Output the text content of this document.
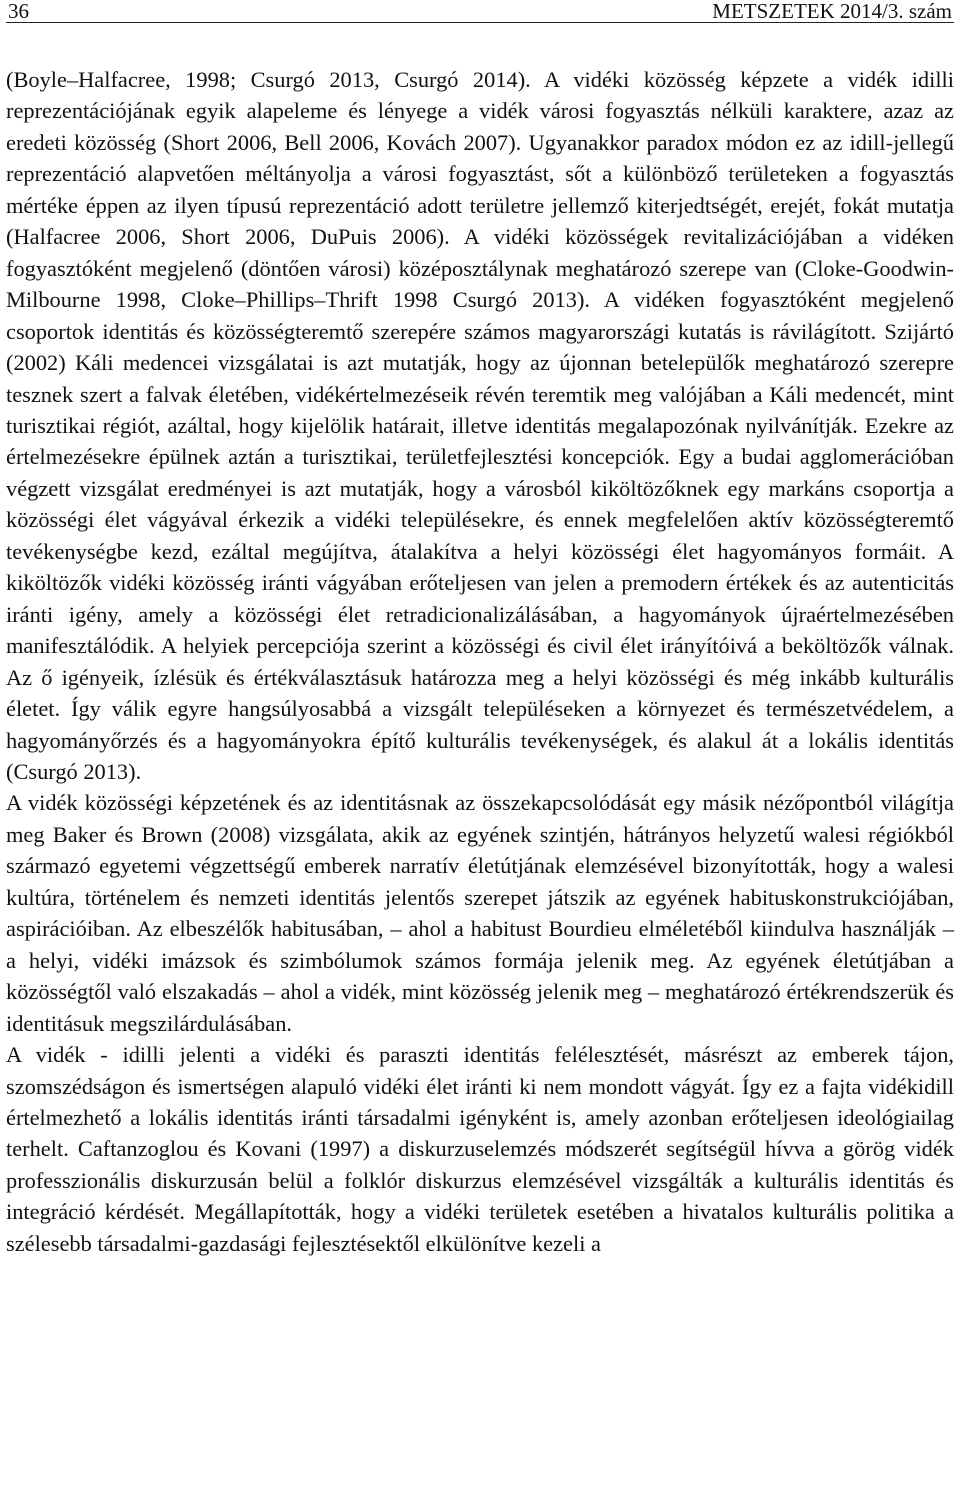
36	METSZETEK 2014/3. szám

(Boyle–Halfacree, 1998; Csurgó 2013, Csurgó 2014). A vidéki közösség képzete a vidék idilli reprezentációjának egyik alapeleme és lényege a vidék városi fogyasztás nélküli karaktere, azaz az eredeti közösség (Short 2006, Bell 2006, Kovách 2007). Ugyanakkor paradox módon ez az idill-jellegű reprezentáció alapvetően méltányolja a városi fogyasztást, sőt a különböző területeken a fogyasztás mértéke éppen az ilyen típusú reprezentáció adott területre jellemző kiterjedtségét, erejét, fokát mutatja (Halfacree 2006, Short 2006, DuPuis 2006). A vidéki közösségek revitalizációjában a vidéken fogyasztóként megjelenő (döntően városi) középosztálynak meghatározó szerepe van (Cloke-Goodwin-Milbourne 1998, Cloke–Phillips–Thrift 1998 Csurgó 2013). A vidéken fogyasztóként megjelenő csoportok identitás és közösségteremtő szerepére számos magyarországi kutatás is rávilágított. Szijártó (2002) Káli medencei vizsgálatai is azt mutatják, hogy az újonnan betelepülők meghatározó szerepre tesznek szert a falvak életében, vidékértelmezéseik révén teremtik meg valójában a Káli medencét, mint turisztikai régiót, azáltal, hogy kijelölik határait, illetve identitás megalapozónak nyilvánítják. Ezekre az értelmezésekre épülnek aztán a turisztikai, területfejlesztési koncepciók. Egy a budai agglomerációban végzett vizsgálat eredményei is azt mutatják, hogy a városból kiköltözőknek egy markáns csoportja a közösségi élet vágyával érkezik a vidéki településekre, és ennek megfelelően aktív közösségteremtő tevékenységbe kezd, ezáltal megújítva, átalakítva a helyi közösségi élet hagyományos formáit. A kiköltözők vidéki közösség iránti vágyában erőteljesen van jelen a premodern értékek és az autenticitás iránti igény, amely a közösségi élet retradicionalizálásában, a hagyományok újraértelmezésében manifesztálódik. A helyiek percepciója szerint a közösségi és civil élet irányítóivá a beköltözők válnak. Az ő igényeik, ízlésük és értékválasztásuk határozza meg a helyi közösségi és még inkább kulturális életet. Így válik egyre hangsúlyosabbá a vizsgált településeken a környezet és természetvédelem, a hagyományőrzés és a hagyományokra építő kulturális tevékenységek, és alakul át a lokális identitás (Csurgó 2013).

A vidék közösségi képzetének és az identitásnak az összekapcsolódását egy másik nézőpontból világítja meg Baker és Brown (2008) vizsgálata, akik az egyének szintjén, hátrányos helyzetű walesi régiókból származó egyetemi végzettségű emberek narratív életútjának elemzésével bizonyították, hogy a walesi kultúra, történelem és nemzeti identitás jelentős szerepet játszik az egyének habituskonstrukciójában, aspirációiban. Az elbeszélők habitusában, – ahol a habitust Bourdieu elméletéből kiindulva használják – a helyi, vidéki imázsok és szimbólumok számos formája jelenik meg. Az egyének életútjában a közösségtől való elszakadás – ahol a vidék, mint közösség jelenik meg – meghatározó értékrendszerük és identitásuk megszilárdulásában.

A vidék - idilli jelenti a vidéki és paraszti identitás felélesztését, másrészt az emberek tájon, szomszédságon és ismertségen alapuló vidéki élet iránti ki nem mondott vágyát. Így ez a fajta vidékidill értelmezhető a lokális identitás iránti társadalmi igényként is, amely azonban erőteljesen ideológiailag terhelt. Caftanzoglou és Kovani (1997) a diskurzuselemzés módszerét segítségül hívva a görög vidék professzionális diskurzusán belül a folklór diskurzus elemzésével vizsgálták a kulturális identitás és integráció kérdését. Megállapították, hogy a vidéki területek esetében a hivatalos kulturális politika a szélesebb társadalmi-gazdasági fejlesztésektől elkülönítve kezeli a
